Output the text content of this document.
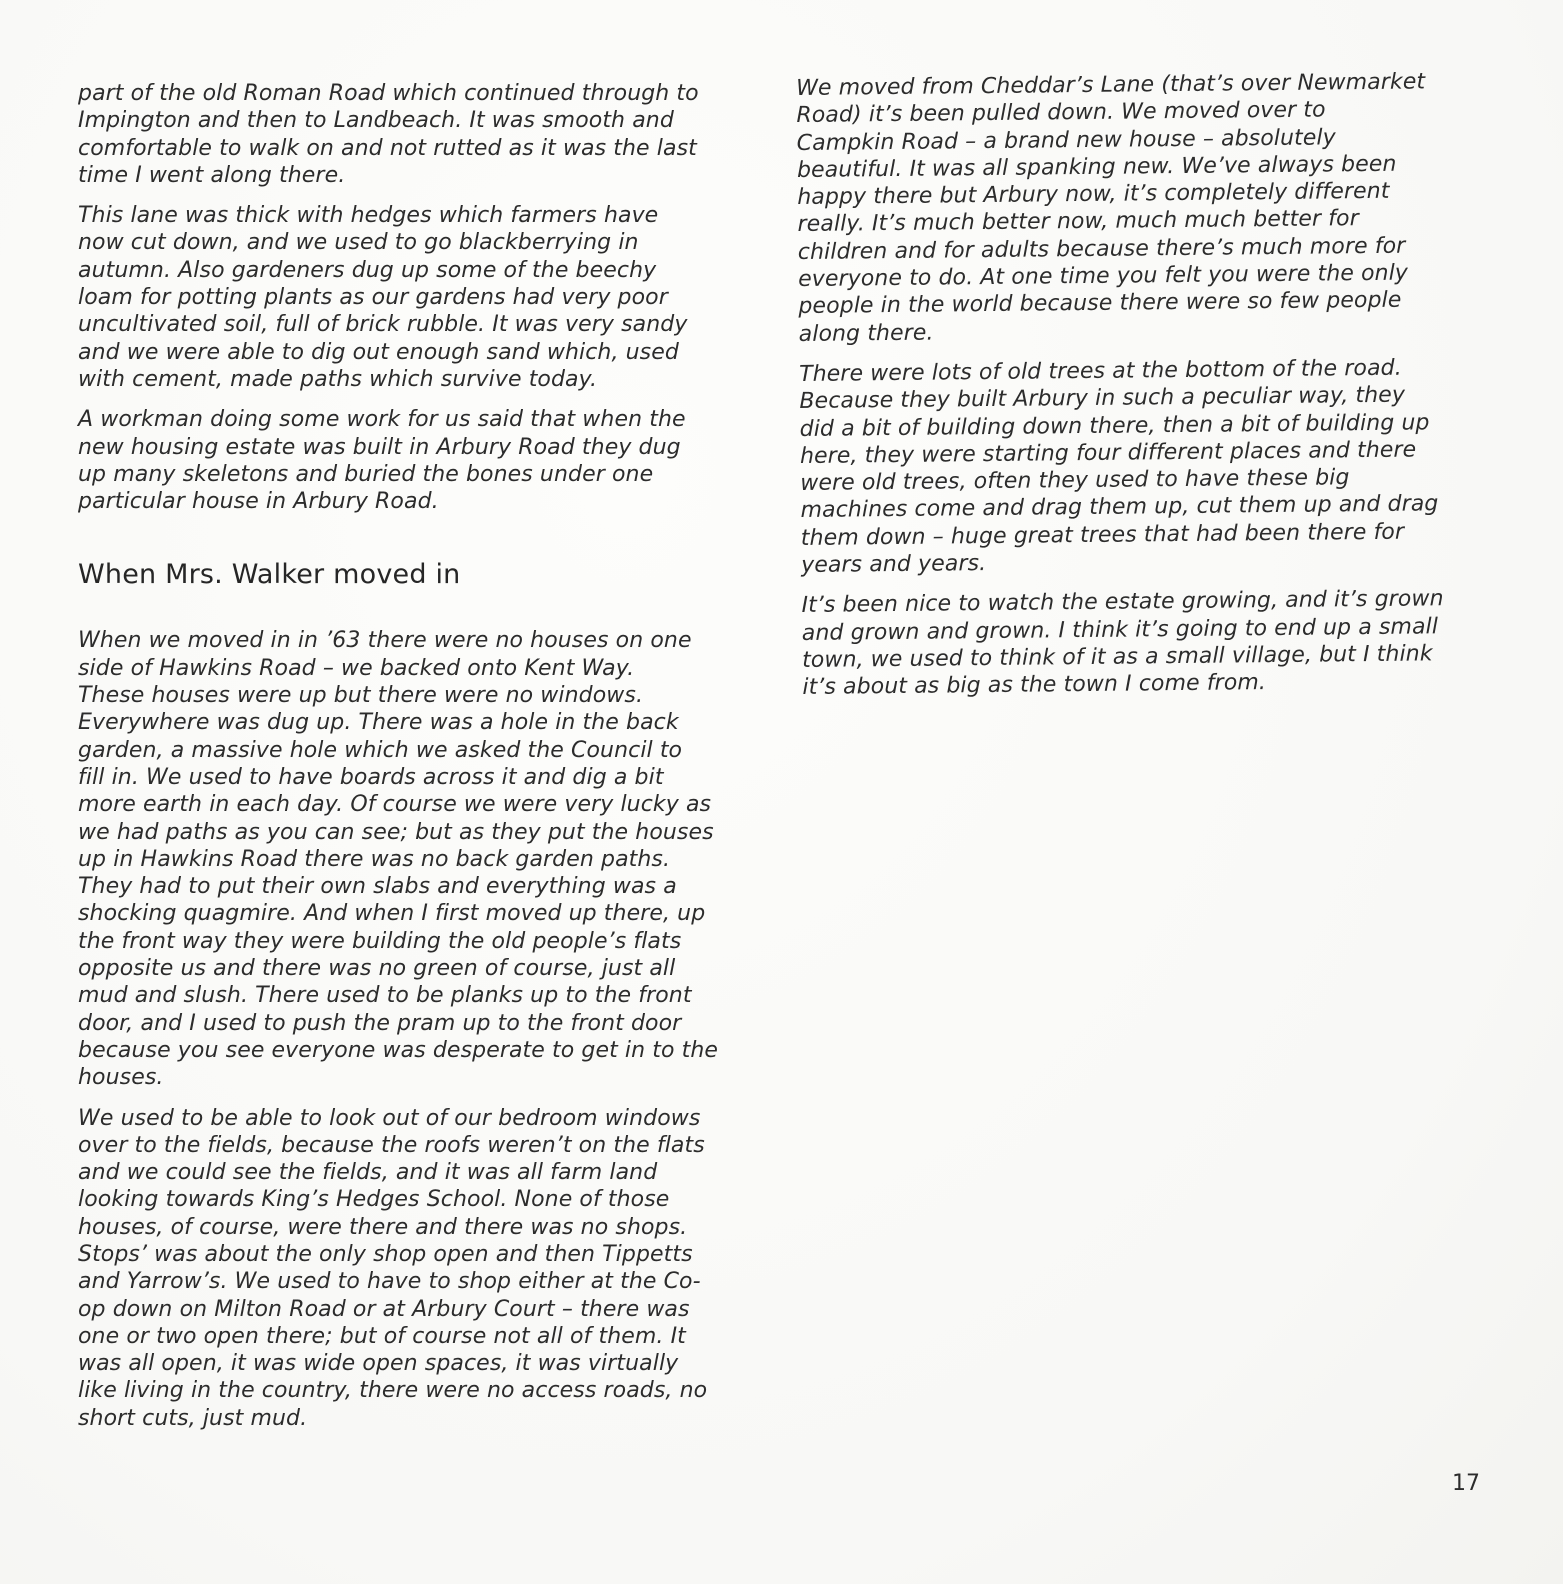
part of the old Roman Road which continued through to
Impington and then to Landbeach. It was smooth and
comfortable to walk on and not rutted as it was the last
time I went along there.

This lane was thick with hedges which farmers have
now cut down, and we used to go blackberrying in
autumn. Also gardeners dug up some of the beechy
loam for potting plants as our gardens had very poor
uncultivated soil, full of brick rubble. It was very sandy
and we were able to dig out enough sand which, used
with cement, made paths which survive today.

A workman doing some work for us said that when the
new housing estate was built in Arbury Road they dug
up many skeletons and buried the bones under one
particular house in Arbury Road.

When Mrs. Walker moved in

When we moved in in ’63 there were no houses on one
side of Hawkins Road – we backed onto Kent Way.
These houses were up but there were no windows.
Everywhere was dug up. There was a hole in the back
garden, a massive hole which we asked the Council to
fill in. We used to have boards across it and dig a bit
more earth in each day. Of course we were very lucky as
we had paths as you can see; but as they put the houses
up in Hawkins Road there was no back garden paths.
They had to put their own slabs and everything was a
shocking quagmire. And when I first moved up there, up
the front way they were building the old people’s flats
opposite us and there was no green of course, just all
mud and slush. There used to be planks up to the front
door, and I used to push the pram up to the front door
because you see everyone was desperate to get in to the
houses.

We used to be able to look out of our bedroom windows
over to the fields, because the roofs weren’t on the flats
and we could see the fields, and it was all farm land
looking towards King’s Hedges School. None of those
houses, of course, were there and there was no shops.
Stops’ was about the only shop open and then Tippetts
and Yarrow’s. We used to have to shop either at the Co-
op down on Milton Road or at Arbury Court – there was
one or two open there; but of course not all of them. It
was all open, it was wide open spaces, it was virtually
like living in the country, there were no access roads, no
short cuts, just mud.

We moved from Cheddar’s Lane (that’s over Newmarket
Road) it’s been pulled down. We moved over to
Campkin Road – a brand new house – absolutely
beautiful. It was all spanking new. We’ve always been
happy there but Arbury now, it’s completely different
really. It’s much better now, much much better for
children and for adults because there’s much more for
everyone to do. At one time you felt you were the only
people in the world because there were so few people
along there.

There were lots of old trees at the bottom of the road.
Because they built Arbury in such a peculiar way, they
did a bit of building down there, then a bit of building up
here, they were starting four different places and there
were old trees, often they used to have these big
machines come and drag them up, cut them up and drag
them down – huge great trees that had been there for
years and years.

It’s been nice to watch the estate growing, and it’s grown
and grown and grown. I think it’s going to end up a small
town, we used to think of it as a small village, but I think
it’s about as big as the town I come from.

17
